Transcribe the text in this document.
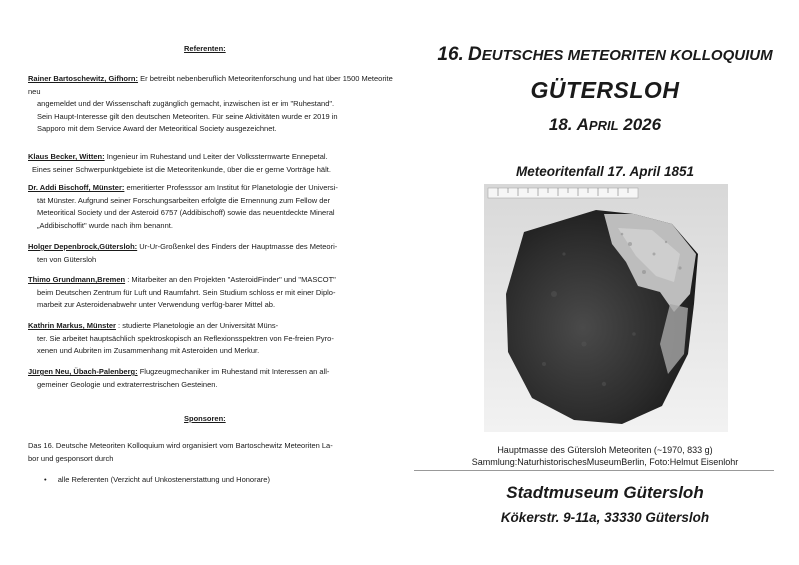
Referenten:
Rainer Bartoschewitz, Gifhorn: Er betreibt nebenberuflich Meteoritenforschung und hat über 1500 Meteorite neu
angemeldet und der Wissenschaft zugänglich gemacht, inzwischen ist er im "Ruhestand".
Sein Haupt-Interesse gilt den deutschen Meteoriten. Für seine Aktivitäten wurde er 2019 in
Sapporo mit dem Service Award der Meteoritical Society ausgezeichnet.
Klaus Becker, Witten: Ingenieur im Ruhestand und Leiter der Volkssternwarte Ennepetal.
Eines seiner Schwerpunktgebiete ist die Meteoritenkunde, über die er gerne Vorträge hält.
Dr. Addi Bischoff, Münster: emeritierter Professsor am Institut für Planetologie der Universi-
tät Münster. Aufgrund seiner Forschungsarbeiten erfolgte die Ernennung zum Fellow der
Meteoritical Society und der Asteroid 6757 (Addibischoff) sowie das neuentdeckte Mineral
„Addibischoffit" wurde nach ihm benannt.
Holger Depenbrock,Gütersloh: Ur-Ur-Großenkel des Finders der Hauptmasse des Meteori-
ten von Gütersloh
Thimo Grundmann,Bremen : Mitarbeiter an den Projekten "AsteroidFinder" und "MASCOT"
beim Deutschen Zentrum für Luft und Raumfahrt. Sein Studium schloss er mit einer Diplo-
marbeit zur Asteroidenabwehr unter Verwendung verfüg-barer Mittel ab.
Kathrin Markus, Münster : studierte Planetologie an der Universität Müns-
ter. Sie arbeitet hauptsächlich spektroskopisch an Reflexionsspektren von Fe-freien Pyro-
xenen und Aubriten im Zusammenhang mit Asteroiden und Merkur.
Jürgen Neu, Übach-Palenberg: Flugzeugmechaniker im Ruhestand mit Interessen an all-
gemeiner Geologie und extraterrestrischen Gesteinen.
Sponsoren:
Das 16. Deutsche Meteoriten Kolloquium wird organisiert vom Bartoschewitz Meteoriten La-
bor und gesponsort durch
• alle Referenten (Verzicht auf Unkostenerstattung und Honorare)
16. DEUTSCHES METEORITEN KOLLOQUIUM
GÜTERSLOH
18. APRIL 2026
Meteoritenfall 17. April 1851
Hauptmasse des Gütersloh Meteoriten (~1970, 833 g)
Sammlung:NaturhistorischesMuseumBerlin, Foto:Helmut Eisenlohr
Stadtmuseum Gütersloh
Kökerstr. 9-11a, 33330 Gütersloh
